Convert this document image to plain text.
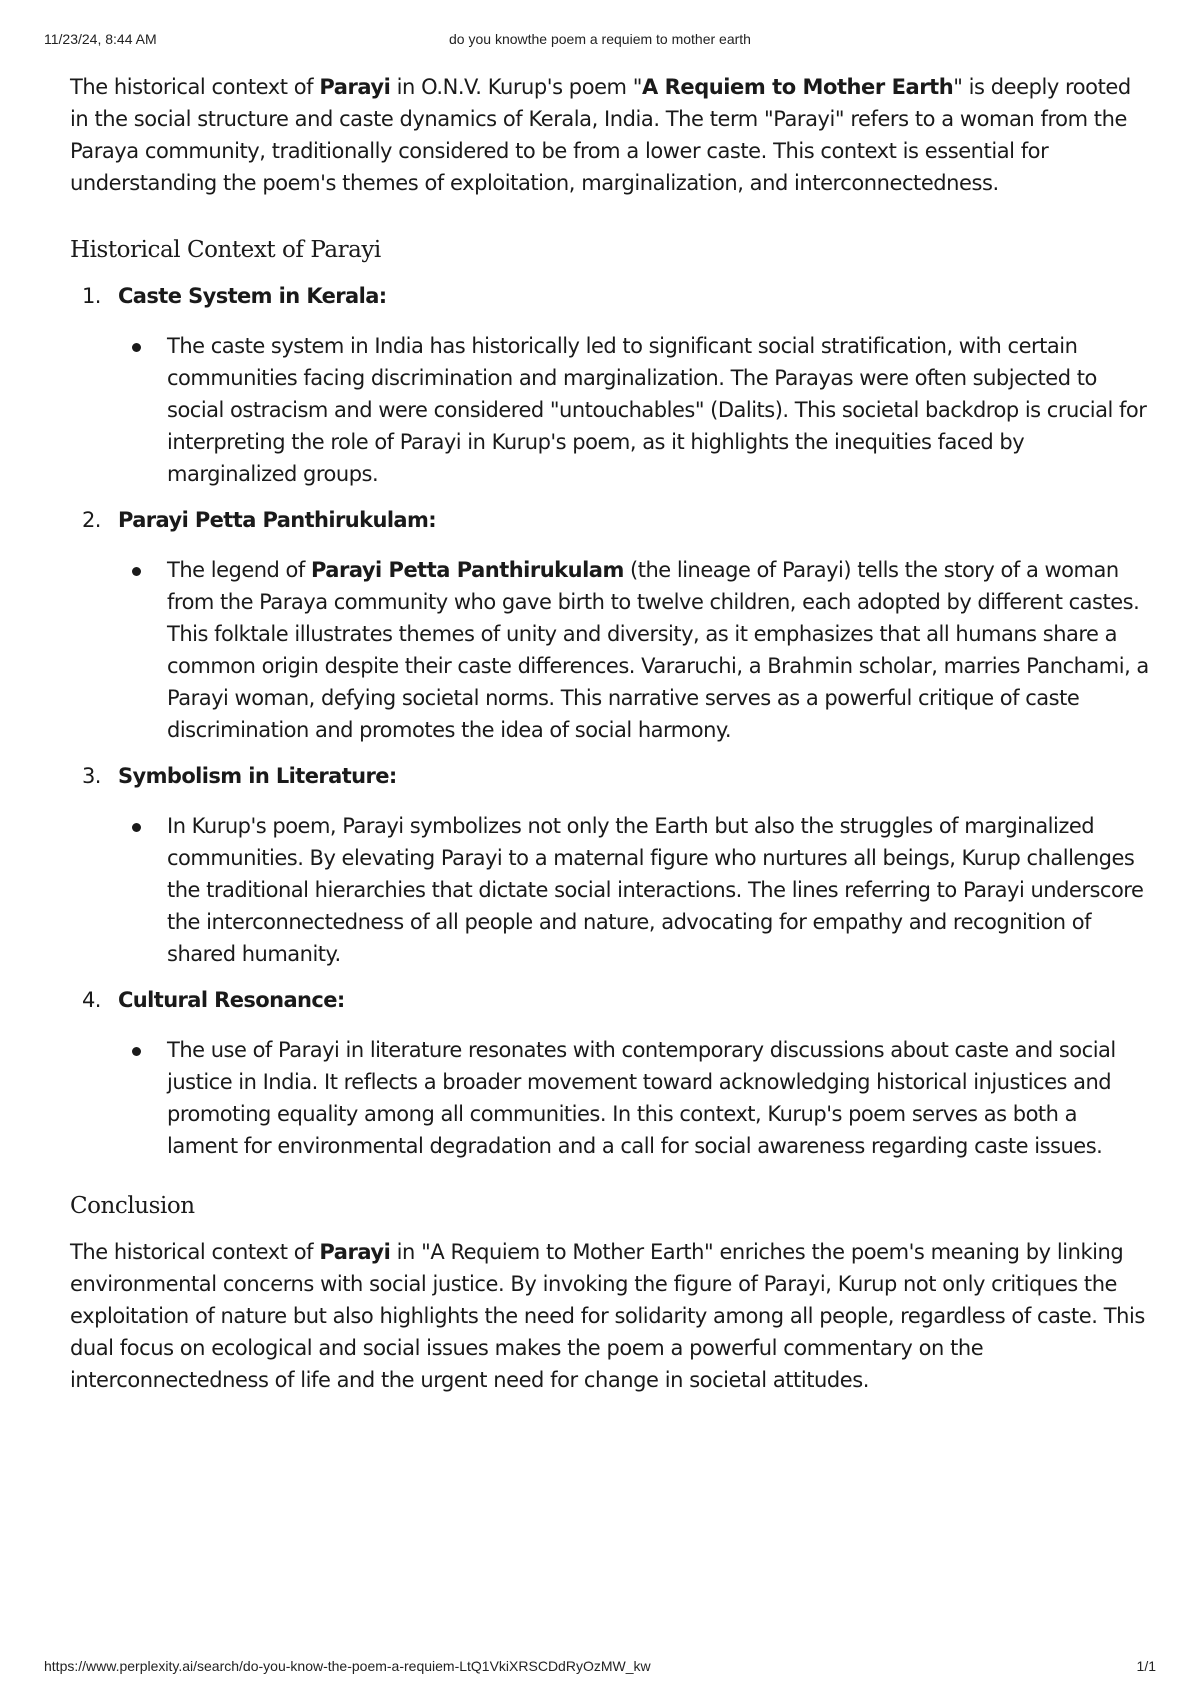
11/23/24, 8:44 AM	do you knowthe poem a requiem to mother earth

The historical context of Parayi in O.N.V. Kurup's poem "A Requiem to Mother Earth" is deeply rooted in the social structure and caste dynamics of Kerala, India. The term "Parayi" refers to a woman from the Paraya community, traditionally considered to be from a lower caste. This context is essential for understanding the poem's themes of exploitation, marginalization, and interconnectedness.

Historical Context of Parayi

1. Caste System in Kerala:
The caste system in India has historically led to significant social stratification, with certain communities facing discrimination and marginalization. The Parayas were often subjected to social ostracism and were considered "untouchables" (Dalits). This societal backdrop is crucial for interpreting the role of Parayi in Kurup's poem, as it highlights the inequities faced by marginalized groups.
2. Parayi Petta Panthirukulam:
The legend of Parayi Petta Panthirukulam (the lineage of Parayi) tells the story of a woman from the Paraya community who gave birth to twelve children, each adopted by different castes. This folktale illustrates themes of unity and diversity, as it emphasizes that all humans share a common origin despite their caste differences. Vararuchi, a Brahmin scholar, marries Panchami, a Parayi woman, defying societal norms. This narrative serves as a powerful critique of caste discrimination and promotes the idea of social harmony.
3. Symbolism in Literature:
In Kurup's poem, Parayi symbolizes not only the Earth but also the struggles of marginalized communities. By elevating Parayi to a maternal figure who nurtures all beings, Kurup challenges the traditional hierarchies that dictate social interactions. The lines referring to Parayi underscore the interconnectedness of all people and nature, advocating for empathy and recognition of shared humanity.
4. Cultural Resonance:
The use of Parayi in literature resonates with contemporary discussions about caste and social justice in India. It reflects a broader movement toward acknowledging historical injustices and promoting equality among all communities. In this context, Kurup's poem serves as both a lament for environmental degradation and a call for social awareness regarding caste issues.

Conclusion

The historical context of Parayi in "A Requiem to Mother Earth" enriches the poem's meaning by linking environmental concerns with social justice. By invoking the figure of Parayi, Kurup not only critiques the exploitation of nature but also highlights the need for solidarity among all people, regardless of caste. This dual focus on ecological and social issues makes the poem a powerful commentary on the interconnectedness of life and the urgent need for change in societal attitudes.

https://www.perplexity.ai/search/do-you-know-the-poem-a-requiem-LtQ1VkiXRSCDdRyOzMW_kw	1/1
